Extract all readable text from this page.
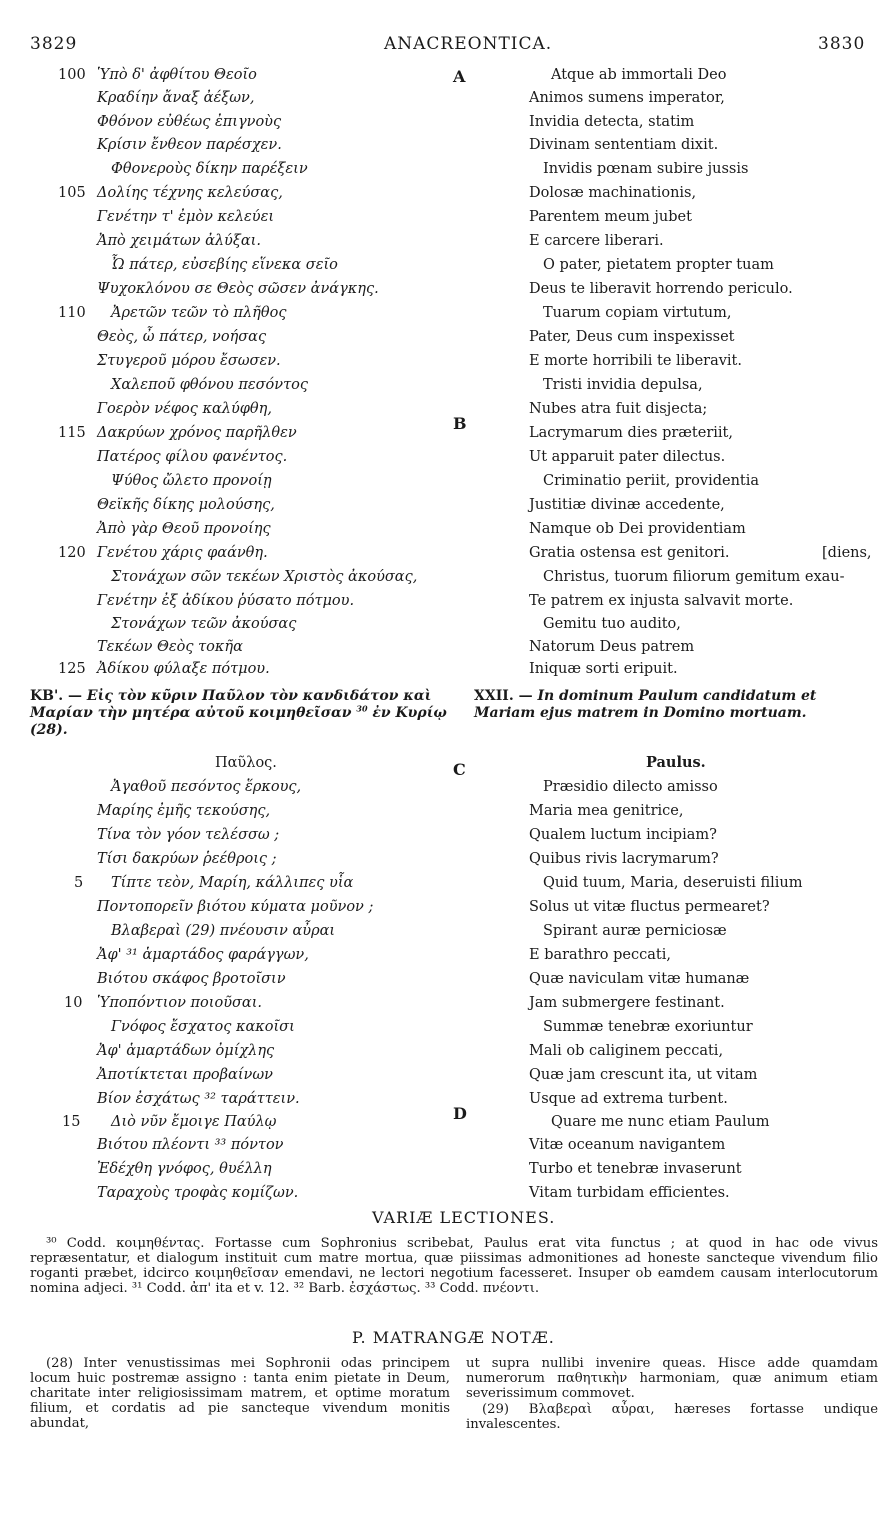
3829	ANACREONTICA.	3830
A
B
C
D
100
105
110
115
120
125
Ὑπὸ δ' ἀφθίτου Θεοῖο
Κραδίην ἄναξ ἀέξων,
Φθόνον εὐθέως ἐπιγνοὺς
Κρίσιν ἔνθεον παρέσχεν.
Φθονεροὺς δίκην παρέξειν
Δολίης τέχνης κελεύσας,
Γενέτην τ' ἐμὸν κελεύει
Ἀπὸ χειμάτων ἀλύξαι.
Ὦ πάτερ, εὐσεβίης εἵνεκα σεῖο
Ψυχοκλόνου σε Θεὸς σῶσεν ἀνάγκης.
Ἀρετῶν τεῶν τὸ πλῆθος
Θεὸς, ὦ πάτερ, νοήσας
Στυγεροῦ μόρου ἔσωσεν.
Χαλεποῦ φθόνου πεσόντος
Γοερὸν νέφος καλύφθη,
Δακρύων χρόνος παρῆλθεν
Πατέρος φίλου φανέντος.
Ψύθος ὤλετο προνοίῃ
Θεϊκῆς δίκης μολούσης,
Ἀπὸ γὰρ Θεοῦ προνοίης
Γενέτου χάρις φαάνθη.
Στονάχων σῶν τεκέων Χριστὸς ἀκούσας,
Γενέτην ἐξ ἀδίκου ῥύσατο πότμου.
Στονάχων τεῶν ἀκούσας
Τεκέων Θεὸς τοκῆα
Ἀδίκου φύλαξε πότμου.
Atque ab immortali Deo
Animos sumens imperator,
Invidia detecta, statim
Divinam sententiam dixit.
Invidis pœnam subire jussis
Dolosæ machinationis,
Parentem meum jubet
E carcere liberari.
O pater, pietatem propter tuam
Deus te liberavit horrendo periculo.
Tuarum copiam virtutum,
Pater, Deus cum inspexisset
E morte horribili te liberavit.
Tristi invidia depulsa,
Nubes atra fuit disjecta;
Lacrymarum dies præteriit,
Ut apparuit pater dilectus.
Criminatio periit, providentia
Justitiæ divinæ accedente,
Namque ob Dei providentiam
Gratia ostensa est genitori.	[diens,
Christus, tuorum filiorum gemitum exau-
Te patrem ex injusta salvavit morte.
Gemitu tuo audito,
Natorum Deus patrem
Iniquæ sorti eripuit.
ΚΒ'. — Εἰς τὸν κῦριν Παῦλον τὸν κανδιδάτον καὶ Μαρίαν τὴν μητέρα αὐτοῦ κοιμηθεῖσαν $^{30}$ ἐν Κυρίῳ (28).
XXII. — In dominum Paulum candidatum et Mariam ejus matrem in Domino mortuam.
Παῦλος.	Paulus.
5
10
15
Ἀγαθοῦ πεσόντος ἕρκους,
Μαρίης ἐμῆς τεκούσης,
Τίνα τὸν γόον τελέσσω ;
Τίσι δακρύων ῥεέθροις ;
Τίπτε τεὸν, Μαρίη, κάλλιπες υἷα
Ποντοπορεῖν βιότου κύματα μοῦνον ;
Βλαβεραὶ (29) πνέουσιν αὖραι
Ἀφ' ³¹ ἁμαρτάδος φαράγγων,
Βιότου σκάφος βροτοῖσιν
Ὑποπόντιον ποιοῦσαι.
Γνόφος ἔσχατος κακοῖσι
Ἀφ' ἁμαρτάδων ὀμίχλης
Ἀποτίκτεται προβαίνων
Βίον ἐσχάτως ³² ταράττειν.
Διὸ νῦν ἔμοιγε Παύλῳ
Βιότου πλέοντι ³³ πόντον
Ἐδέχθη γνόφος, θυέλλη
Ταραχοὺς τροφὰς κομίζων.
Præsidio dilecto amisso
Maria mea genitrice,
Qualem luctum incipiam?
Quibus rivis lacrymarum?
Quid tuum, Maria, deseruisti filium
Solus ut vitæ fluctus permearet?
Spirant auræ perniciosæ
E barathro peccati,
Quæ naviculam vitæ humanæ
Jam submergere festinant.
Summæ tenebræ exoriuntur
Mali ob caliginem peccati,
Quæ jam crescunt ita, ut vitam
Usque ad extrema turbent.
Quare me nunc etiam Paulum
Vitæ oceanum navigantem
Turbo et tenebræ invaserunt
Vitam turbidam efficientes.
VARIÆ LECTIONES.

³⁰ Codd. κοιμηθέντας. Fortasse cum Sophronius scribebat, Paulus erat vita functus ; at quod in hac ode vivus repræsentatur, et dialogum instituit cum matre mortua, quæ piissimas admonitiones ad honeste sancteque vivendum filio roganti præbet, idcirco κοιμηθεῖσαν emendavi, ne lectori negotium facesseret. Insuper ob eamdem causam interlocutorum nomina adjeci. ³¹ Codd. ἀπ' ita et v. 12. ³² Barb. ἐσχάστως. ³³ Codd. πνέοντι.

P. MATRANGÆ NOTÆ.

(28) Inter venustissimas mei Sophronii odas principem locum huic postremæ assigno : tanta enim pietate in Deum, charitate inter religiosissimam matrem, et optime moratum filium, et cordatis ad pie sancteque vivendum monitis abundat,

ut supra nullibi invenire queas. Hisce adde quamdam numerorum παθητικὴν harmoniam, quæ animum etiam severissimum commovet.

(29) Βλαβεραὶ αὖραι, hæreses fortasse undique invalescentes.
